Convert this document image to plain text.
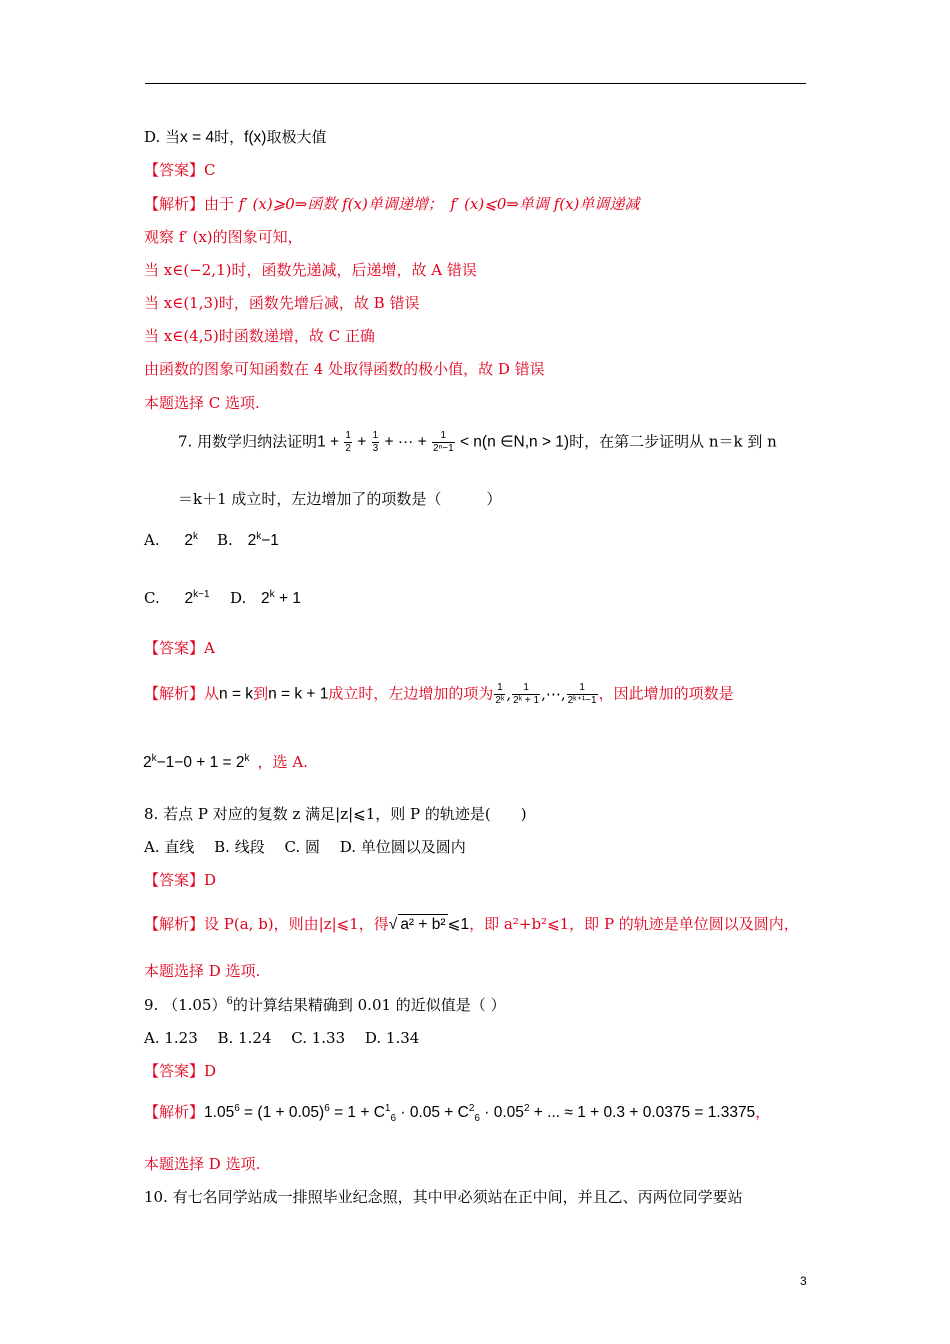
D. 当x = 4时，f(x)取极大值
【答案】C
【解析】由于 f′ (x)⩾0⇒函数 f(x)单调递增；　 f′ (x)⩽0⇒单调 f(x)单调递减
观察 f′ (x)的图象可知，
当 x∈(−2,1)时，函数先递减，后递增，故 A 错误
当 x∈(1,3)时，函数先增后减，故 B 错误
当 x∈(4,5)时函数递增，故 C 正确
由函数的图象可知函数在 4 处取得函数的极小值，故 D 错误
本题选择 C 选项.
7. 用数学归纳法证明$1 + \frac{1}{2} + \frac{1}{3}$ + ··· + $\frac{1}{\text{2ⁿ−1}} < n(n$ ∈N,n > 1)时，在第二步证明从 n＝k 到 n
＝k＋1 成立时，左边增加了的项数是（　　　）
A. 2$^k$ B. $2^k-1$
C. $2^{k-1}$ D. $2^k + 1$
【答案】A
【解析】从n = k到n = k + 1成立时，左边增加的项为 $\frac{1}{\text{2ᵏ}}$ , $\frac{1}{\text{2ᵏ + 1}}$ ,⋯, $\frac{1}{\text{2ᵏ⁺¹−1}}$ ，因此增加的项数是
$2^k-1-0 + 1 = 2^k$ ，选 A.
8. 若点 P 对应的复数 z 满足|z|⩽1，则 P 的轨迹是(　　)
A. 直线　 B. 线段　 C. 圆　 D. 单位圆以及圆内
【答案】D
【解析】设 P(a, b)，则由|z|⩽1，得√ a² + b² ⩽1，即 a²+b²⩽1，即 P 的轨迹是单位圆以及圆内，
本题选择 D 选项.
9. $(1.05)^6$的计算结果精确到 0.01 的近似值是（ ）
A. 1.23　 B. 1.24　 C. 1.33　 D. 1.34
【答案】D
【解析】$1.05^6 = (1 + 0.05)^6 = 1 + C^1_6 \cdot 0.05 + C^2_6 \cdot 0.05^2$ + ... ≈ 1 + 0.3 + 0.0375 = 1.3375，
本题选择 D 选项.
10. 有七名同学站成一排照毕业纪念照，其中甲必须站在正中间，并且乙、丙两位同学要站
3
